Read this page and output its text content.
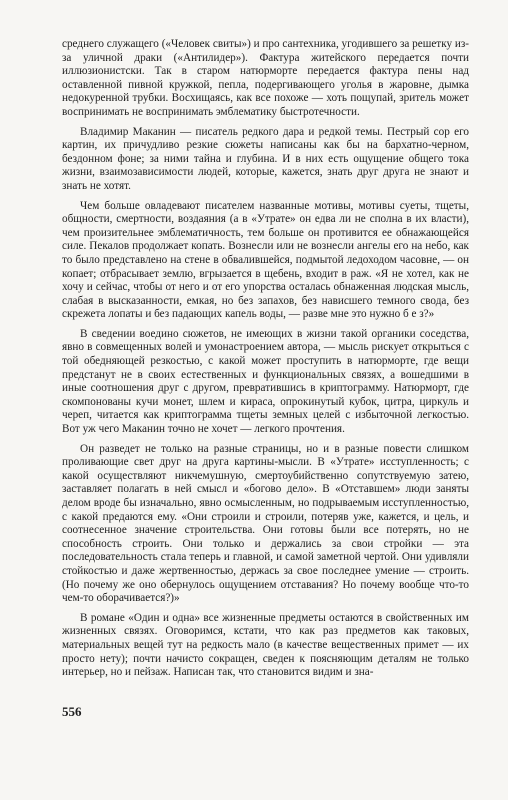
среднего служащего («Человек свиты») и про сантехника, угодившего за решетку из-за уличной драки («Антилидер»). Фактура житейского передается почти иллюзионистски. Так в старом натюрморте передается фактура пены над оставленной пивной кружкой, пепла, подергивающего уголья в жаровне, дымка недокуренной трубки. Восхищаясь, как все похоже — хоть пощупай, зритель может воспринимать не воспринимать эмблематику быстротечности.

Владимир Маканин — писатель редкого дара и редкой темы. Пестрый сор его картин, их причудливо резкие сюжеты написаны как бы на бархатно-черном, бездонном фоне; за ними тайна и глубина. И в них есть ощущение общего тока жизни, взаимозависимости людей, которые, кажется, знать друг друга не знают и знать не хотят.

Чем больше овладевают писателем названные мотивы, мотивы суеты, тщеты, общности, смертности, воздаяния (а в «Утрате» он едва ли не сполна в их власти), чем произительнее эмблематичность, тем больше он противится ее обнажающейся силе. Пекалов продолжает копать. Вознесли или не вознесли ангелы его на небо, как то было представлено на стене в обвалившейся, подмытой ледоходом часовне, — он копает; отбрасывает землю, вгрызается в щебень, входит в раж. «Я не хотел, как не хочу и сейчас, чтобы от него и от его упорства осталась обнаженная людская мысль, слабая в высказанности, емкая, но без запахов, без нависшего темного свода, без скрежета лопаты и без падающих капель воды, — разве мне это нужно б е з?»

В сведении воедино сюжетов, не имеющих в жизни такой органики соседства, явно в совмещенных волей и умонастроением автора, — мысль рискует открыться с той обедняющей резкостью, с какой может проступить в натюрморте, где вещи предстанут не в своих естественных и функциональных связях, а вошедшими в иные соотношения друг с другом, превратившись в криптограмму. Натюрморт, где скомпонованы кучи монет, шлем и кираса, опрокинутый кубок, цитра, циркуль и череп, читается как криптограмма тщеты земных целей с избыточной легкостью. Вот уж чего Маканин точно не хочет — легкого прочтения.

Он разведет не только на разные страницы, но и в разные повести слишком проливающие свет друг на друга картины-мысли. В «Утрате» исступленность; с какой осуществляют никчемушную, смертоубийственно сопутствуемую затею, заставляет полагать в ней смысл и «богово дело». В «Отставшем» люди заняты делом вроде бы изначально, явно осмысленным, но подрываемым исступленностью, с какой предаются ему. «Они строили и строили, потеряв уже, кажется, и цель, и соотнесенное значение строительства. Они готовы были все потерять, но не способность строить. Они только и держались за свои стройки — эта последовательность стала теперь и главной, и самой заметной чертой. Они удивляли стойкостью и даже жертвенностью, держась за свое последнее умение — строить. (Но почему же оно обернулось ощущением отставания? Но почему вообще что-то чем-то оборачивается?)»

В романе «Один и одна» все жизненные предметы остаются в свойственных им жизненных связях. Оговоримся, кстати, что как раз предметов как таковых, материальных вещей тут на редкость мало (в качестве вещественных примет — их просто нету); почти начисто сокращен, сведен к поясняющим деталям не только интерьер, но и пейзаж. Написан так, что становится видим и зна-

556
